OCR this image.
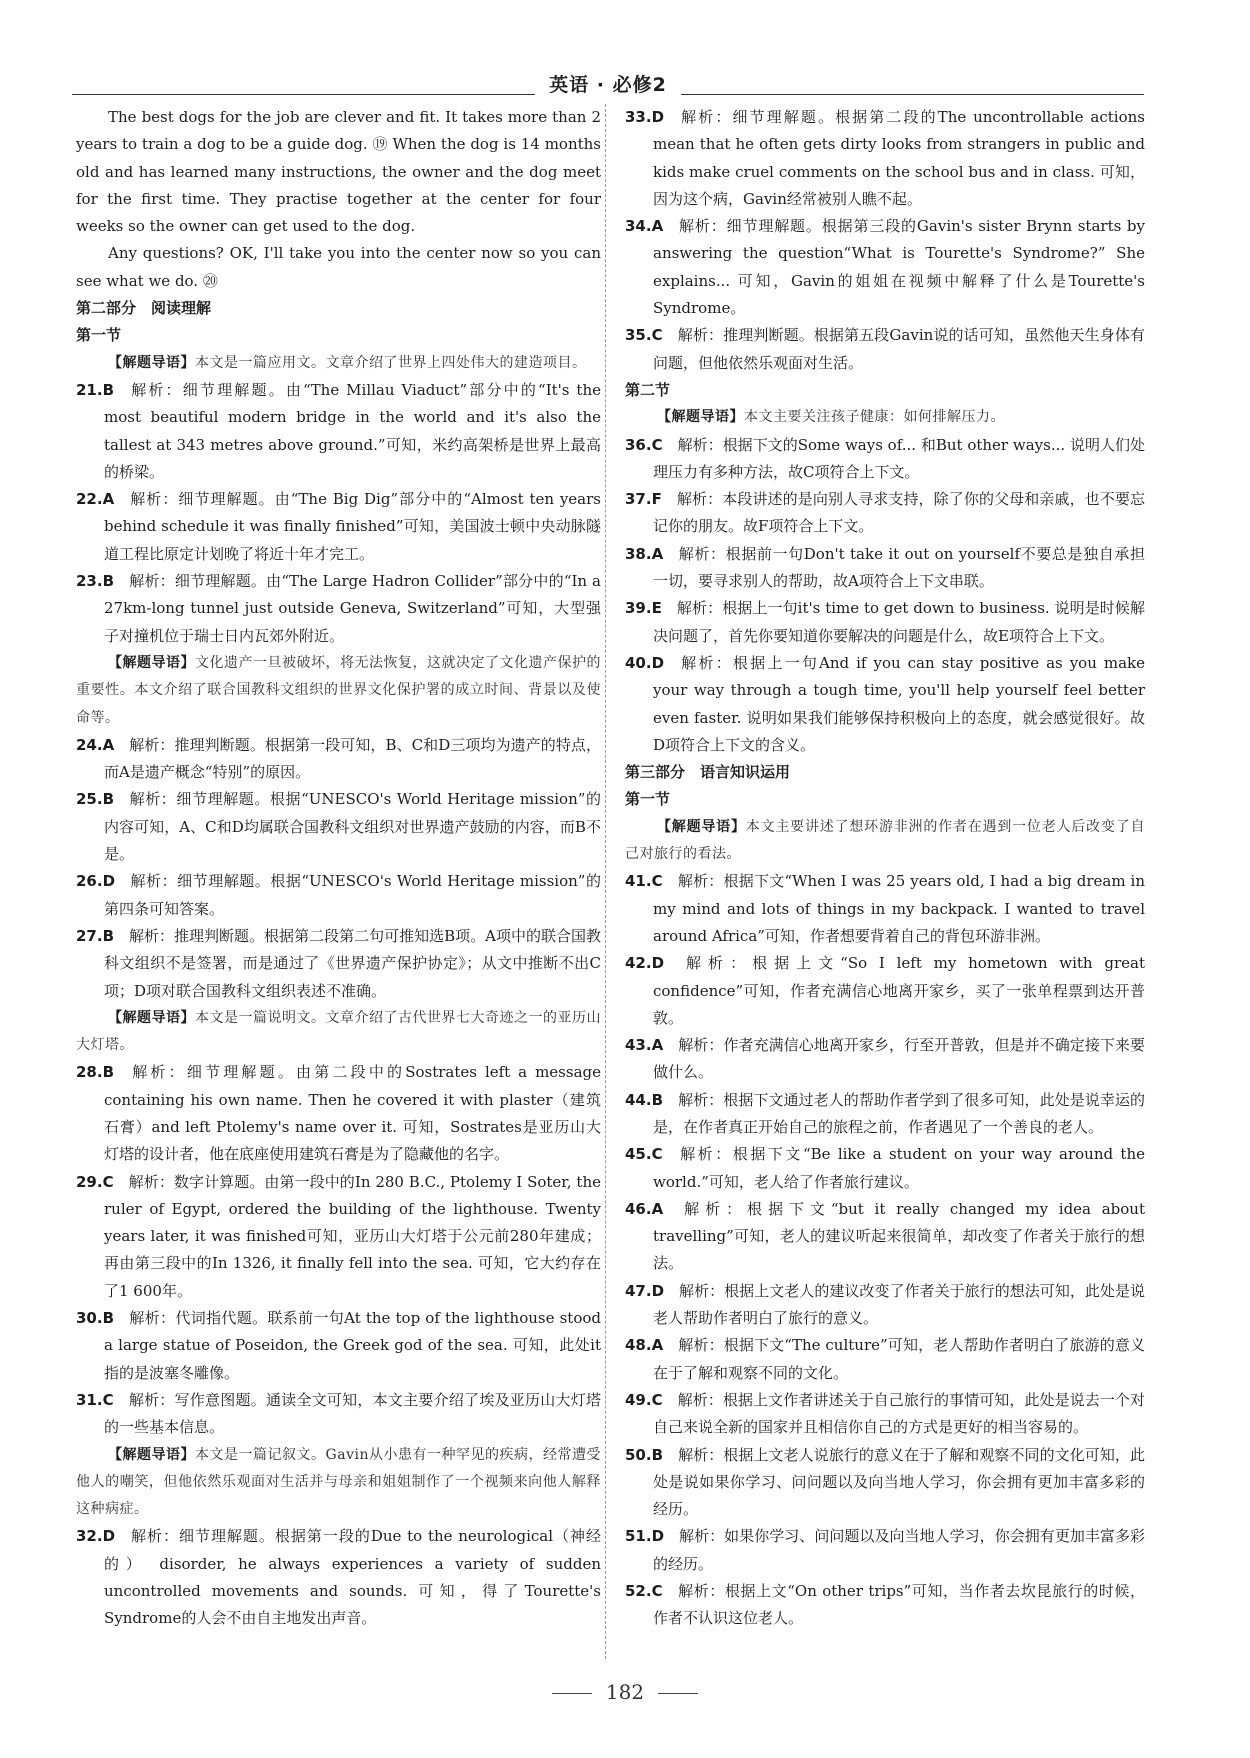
英语 · 必修2

The best dogs for the job are clever and fit. It takes more than 2 years to train a dog to be a guide dog. ⑲ When the dog is 14 months old and has learned many instructions, the owner and the dog meet for the first time. They practise together at the center for four weeks so the owner can get used to the dog.

Any questions? OK, I'll take you into the center now so you can see what we do. ⑳

第二部分　阅读理解

第一节

【解题导语】本文是一篇应用文。文章介绍了世界上四处伟大的建造项目。

21.B 解析：细节理解题。由“The Millau Viaduct”部分中的“It's the most beautiful modern bridge in the world and it's also the tallest at 343 metres above ground.”可知，米约高架桥是世界上最高的桥梁。

22.A 解析：细节理解题。由“The Big Dig”部分中的“Almost ten years behind schedule it was finally finished”可知，美国波士顿中央动脉隧道工程比原定计划晚了将近十年才完工。

23.B 解析：细节理解题。由“The Large Hadron Collider”部分中的“In a 27km-long tunnel just outside Geneva, Switzerland”可知，大型强子对撞机位于瑞士日内瓦郊外附近。

【解题导语】文化遗产一旦被破坏，将无法恢复，这就决定了文化遗产保护的重要性。本文介绍了联合国教科文组织的世界文化保护署的成立时间、背景以及使命等。

24.A 解析：推理判断题。根据第一段可知，B、C和D三项均为遗产的特点，而A是遗产概念“特别”的原因。

25.B 解析：细节理解题。根据“UNESCO's World Heritage mission”的内容可知，A、C和D均属联合国教科文组织对世界遗产鼓励的内容，而B不是。

26.D 解析：细节理解题。根据“UNESCO's World Heritage mission”的第四条可知答案。

27.B 解析：推理判断题。根据第二段第二句可推知选B项。A项中的联合国教科文组织不是签署，而是通过了《世界遗产保护协定》；从文中推断不出C项；D项对联合国教科文组织表述不准确。

【解题导语】本文是一篇说明文。文章介绍了古代世界七大奇迹之一的亚历山大灯塔。

28.B 解析：细节理解题。由第二段中的Sostrates left a message containing his own name. Then he covered it with plaster（建筑石膏）and left Ptolemy's name over it. 可知，Sostrates是亚历山大灯塔的设计者，他在底座使用建筑石膏是为了隐藏他的名字。

29.C 解析：数字计算题。由第一段中的In 280 B.C., Ptolemy I Soter, the ruler of Egypt, ordered the building of the lighthouse. Twenty years later, it was finished可知，亚历山大灯塔于公元前280年建成；再由第三段中的In 1326, it finally fell into the sea. 可知，它大约存在了1 600年。

30.B 解析：代词指代题。联系前一句At the top of the lighthouse stood a large statue of Poseidon, the Greek god of the sea. 可知，此处it指的是波塞冬雕像。

31.C 解析：写作意图题。通读全文可知，本文主要介绍了埃及亚历山大灯塔的一些基本信息。

【解题导语】本文是一篇记叙文。Gavin从小患有一种罕见的疾病，经常遭受他人的嘲笑，但他依然乐观面对生活并与母亲和姐姐制作了一个视频来向他人解释这种病症。

32.D 解析：细节理解题。根据第一段的Due to the neurological（神经的） disorder, he always experiences a variety of sudden uncontrolled movements and sounds. 可知，得了Tourette's Syndrome的人会不由自主地发出声音。

33.D 解析：细节理解题。根据第二段的The uncontrollable actions mean that he often gets dirty looks from strangers in public and kids make cruel comments on the school bus and in class. 可知，因为这个病，Gavin经常被别人瞧不起。

34.A 解析：细节理解题。根据第三段的Gavin's sister Brynn starts by answering the question“What is Tourette's Syndrome?” She explains... 可知，Gavin的姐姐在视频中解释了什么是Tourette's Syndrome。

35.C 解析：推理判断题。根据第五段Gavin说的话可知，虽然他天生身体有问题，但他依然乐观面对生活。

第二节

【解题导语】本文主要关注孩子健康：如何排解压力。

36.C 解析：根据下文的Some ways of... 和But other ways... 说明人们处理压力有多种方法，故C项符合上下文。

37.F 解析：本段讲述的是向别人寻求支持，除了你的父母和亲戚，也不要忘记你的朋友。故F项符合上下文。

38.A 解析：根据前一句Don't take it out on yourself不要总是独自承担一切，要寻求别人的帮助，故A项符合上下文串联。

39.E 解析：根据上一句it's time to get down to business. 说明是时候解决问题了，首先你要知道你要解决的问题是什么，故E项符合上下文。

40.D 解析：根据上一句And if you can stay positive as you make your way through a tough time, you'll help yourself feel better even faster. 说明如果我们能够保持积极向上的态度，就会感觉很好。故D项符合上下文的含义。

第三部分　语言知识运用

第一节

【解题导语】本文主要讲述了想环游非洲的作者在遇到一位老人后改变了自己对旅行的看法。

41.C 解析：根据下文“When I was 25 years old, I had a big dream in my mind and lots of things in my backpack. I wanted to travel around Africa”可知，作者想要背着自己的背包环游非洲。

42.D 解析：根据上文“So I left my hometown with great confidence”可知，作者充满信心地离开家乡，买了一张单程票到达开普敦。

43.A 解析：作者充满信心地离开家乡，行至开普敦，但是并不确定接下来要做什么。

44.B 解析：根据下文通过老人的帮助作者学到了很多可知，此处是说幸运的是，在作者真正开始自己的旅程之前，作者遇见了一个善良的老人。

45.C 解析：根据下文“Be like a student on your way around the world.”可知，老人给了作者旅行建议。

46.A 解析：根据下文“but it really changed my idea about travelling”可知，老人的建议听起来很简单，却改变了作者关于旅行的想法。

47.D 解析：根据上文老人的建议改变了作者关于旅行的想法可知，此处是说老人帮助作者明白了旅行的意义。

48.A 解析：根据下文“The culture”可知，老人帮助作者明白了旅游的意义在于了解和观察不同的文化。

49.C 解析：根据上文作者讲述关于自己旅行的事情可知，此处是说去一个对自己来说全新的国家并且相信你自己的方式是更好的相当容易的。

50.B 解析：根据上文老人说旅行的意义在于了解和观察不同的文化可知，此处是说如果你学习、问问题以及向当地人学习，你会拥有更加丰富多彩的经历。

51.D 解析：如果你学习、问问题以及向当地人学习，你会拥有更加丰富多彩的经历。

52.C 解析：根据上文“On other trips”可知，当作者去坎昆旅行的时候，作者不认识这位老人。

182
